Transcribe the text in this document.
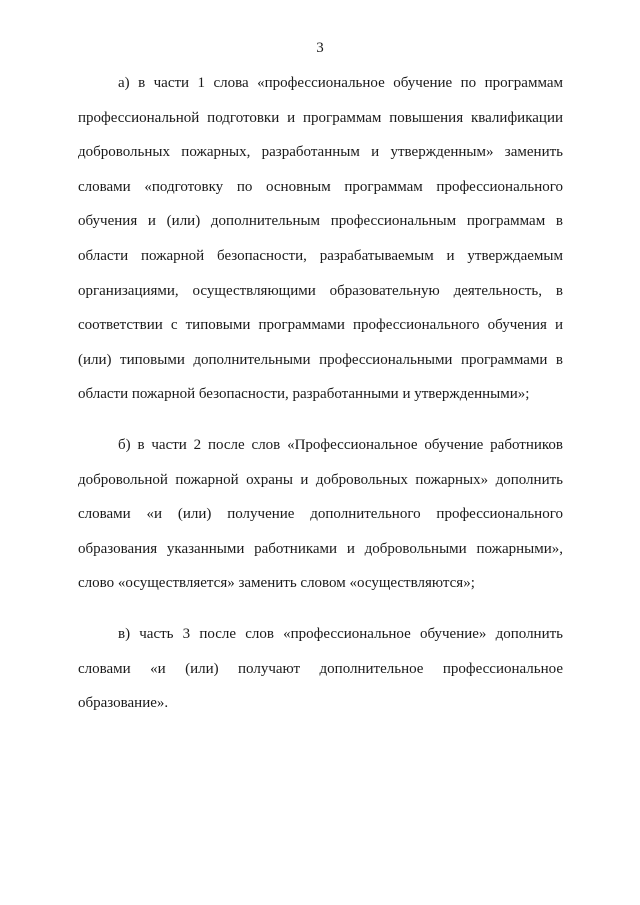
3

а) в части 1 слова «профессиональное обучение по программам профессиональной подготовки и программам повышения квалификации добровольных пожарных, разработанным и утвержденным» заменить словами «подготовку по основным программам профессионального обучения и (или) дополнительным профессиональным программам в области пожарной безопасности, разрабатываемым и утверждаемым организациями, осуществляющими образовательную деятельность, в соответствии с типовыми программами профессионального обучения и (или) типовыми дополнительными профессиональными программами в области пожарной безопасности, разработанными и утвержденными»;

б) в части 2 после слов «Профессиональное обучение работников добровольной пожарной охраны и добровольных пожарных» дополнить словами «и (или) получение дополнительного профессионального образования указанными работниками и добровольными пожарными», слово «осуществляется» заменить словом «осуществляются»;

в) часть 3 после слов «профессиональное обучение» дополнить словами «и (или) получают дополнительное профессиональное образование».
